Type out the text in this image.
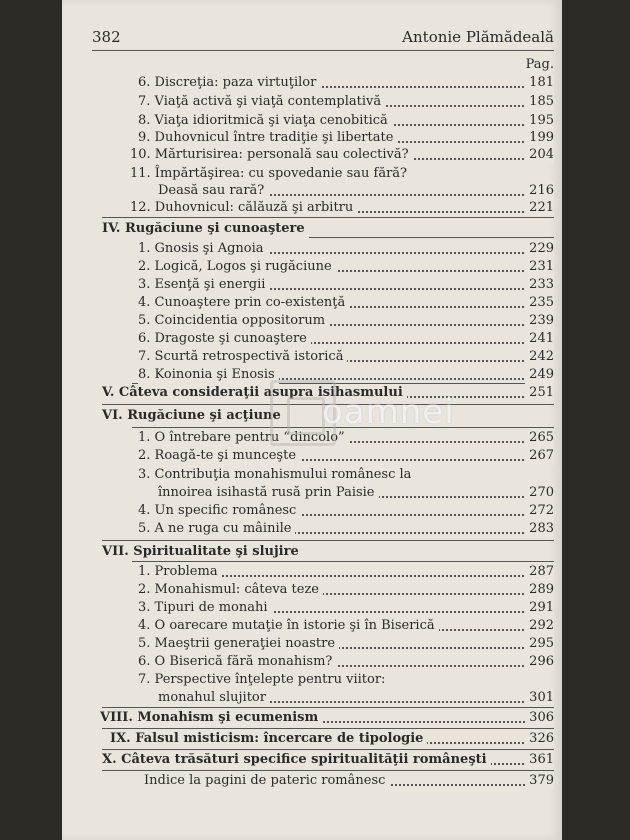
382	Antonie Plămădeală
Pag.
6. Discreţia: paza virtuţilor	181
7. Viaţă activă şi viaţă contemplativă	185
8. Viaţa idioritmică şi viaţa cenobitică	195
9. Duhovnicul între tradiţie şi libertate	199
10. Mărturisirea: personală sau colectivă?	204
11. Împărtăşirea: cu spovedanie sau fără?
Deasă sau rară?	216
12. Duhovnicul: călăuză şi arbitru	221
IV. Rugăciune şi cunoaştere
1. Gnosis şi Agnoia	229
2. Logică, Logos şi rugăciune	231
3. Esenţă şi energii	233
4. Cunoaştere prin co-existenţă	235
5. Coincidentia oppositorum	239
6. Dragoste şi cunoaştere	241
7. Scurtă retrospectivă istorică	242
8. Koinonia şi Enosis	249
V. Câteva consideraţii asupra isihasmului	251
VI. Rugăciune şi acţiune
1. O întrebare pentru “dincolo”	265
2. Roagă-te şi munceşte	267
3. Contribuţia monahismului românesc la
înnoirea isihastă rusă prin Paisie	270
4. Un specific românesc	272
5. A ne ruga cu mâinile	283
VII. Spiritualitate şi slujire
1. Problema	287
2. Monahismul: câteva teze	289
3. Tipuri de monahi	291
4. O oarecare mutaţie în istorie şi în Biserică	292
5. Maeştrii generaţiei noastre	295
6. O Biserică fără monahism?	296
7. Perspective înţelepte pentru viitor:
monahul slujitor	301
VIII. Monahism şi ecumenism	306
IX. Falsul misticism: încercare de tipologie	326
X. Câteva trăsături specifice spiritualităţii româneşti	361
Indice la pagini de pateric românesc	379
oamnei
